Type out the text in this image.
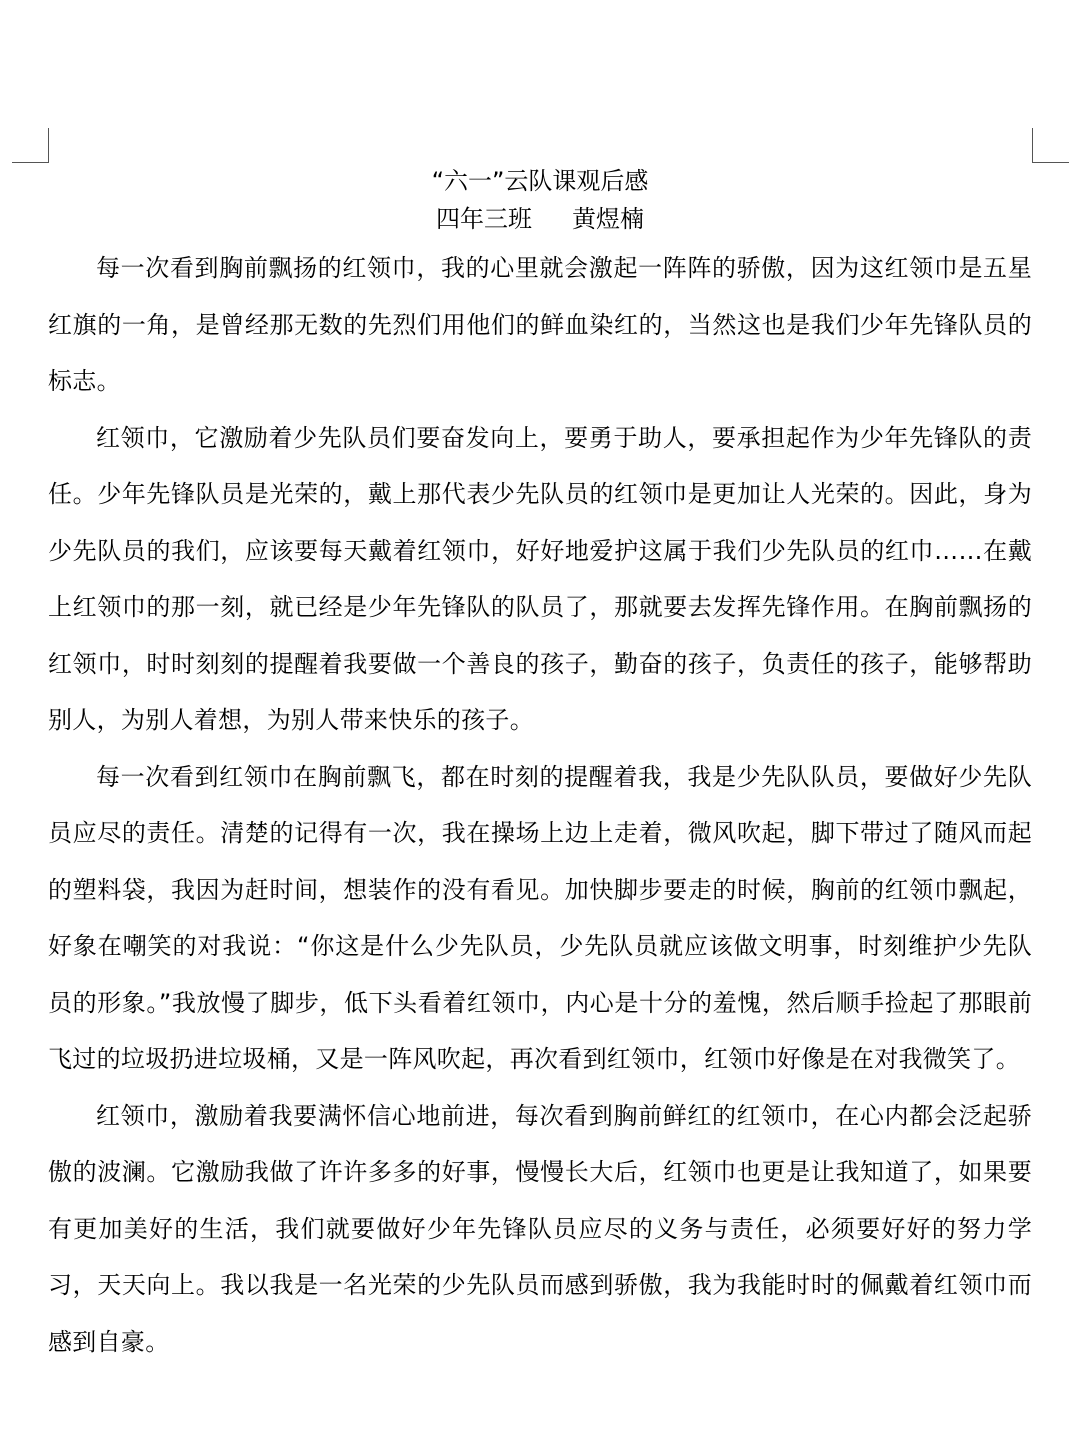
“六一”云队课观后感
四年三班 黄煜楠

每一次看到胸前飘扬的红领巾，我的心里就会激起一阵阵的骄傲，因为这红领巾是五星红旗的一角，是曾经那无数的先烈们用他们的鲜血染红的，当然这也是我们少年先锋队员的标志。

红领巾，它激励着少先队员们要奋发向上，要勇于助人，要承担起作为少年先锋队的责任。少年先锋队员是光荣的，戴上那代表少先队员的红领巾是更加让人光荣的。因此，身为少先队员的我们，应该要每天戴着红领巾，好好地爱护这属于我们少先队员的红巾……在戴上红领巾的那一刻，就已经是少年先锋队的队员了，那就要去发挥先锋作用。在胸前飘扬的红领巾，时时刻刻的提醒着我要做一个善良的孩子，勤奋的孩子，负责任的孩子，能够帮助别人，为别人着想，为别人带来快乐的孩子。

每一次看到红领巾在胸前飘飞，都在时刻的提醒着我，我是少先队队员，要做好少先队员应尽的责任。清楚的记得有一次，我在操场上边上走着，微风吹起，脚下带过了随风而起的塑料袋，我因为赶时间，想装作的没有看见。加快脚步要走的时候，胸前的红领巾飘起，好象在嘲笑的对我说：“你这是什么少先队员，少先队员就应该做文明事，时刻维护少先队员的形象。”我放慢了脚步，低下头看着红领巾，内心是十分的羞愧，然后顺手捡起了那眼前飞过的垃圾扔进垃圾桶，又是一阵风吹起，再次看到红领巾，红领巾好像是在对我微笑了。

红领巾，激励着我要满怀信心地前进，每次看到胸前鲜红的红领巾，在心内都会泛起骄傲的波澜。它激励我做了许许多多的好事，慢慢长大后，红领巾也更是让我知道了，如果要有更加美好的生活，我们就要做好少年先锋队员应尽的义务与责任，必须要好好的努力学习，天天向上。我以我是一名光荣的少先队员而感到骄傲，我为我能时时的佩戴着红领巾而感到自豪。
